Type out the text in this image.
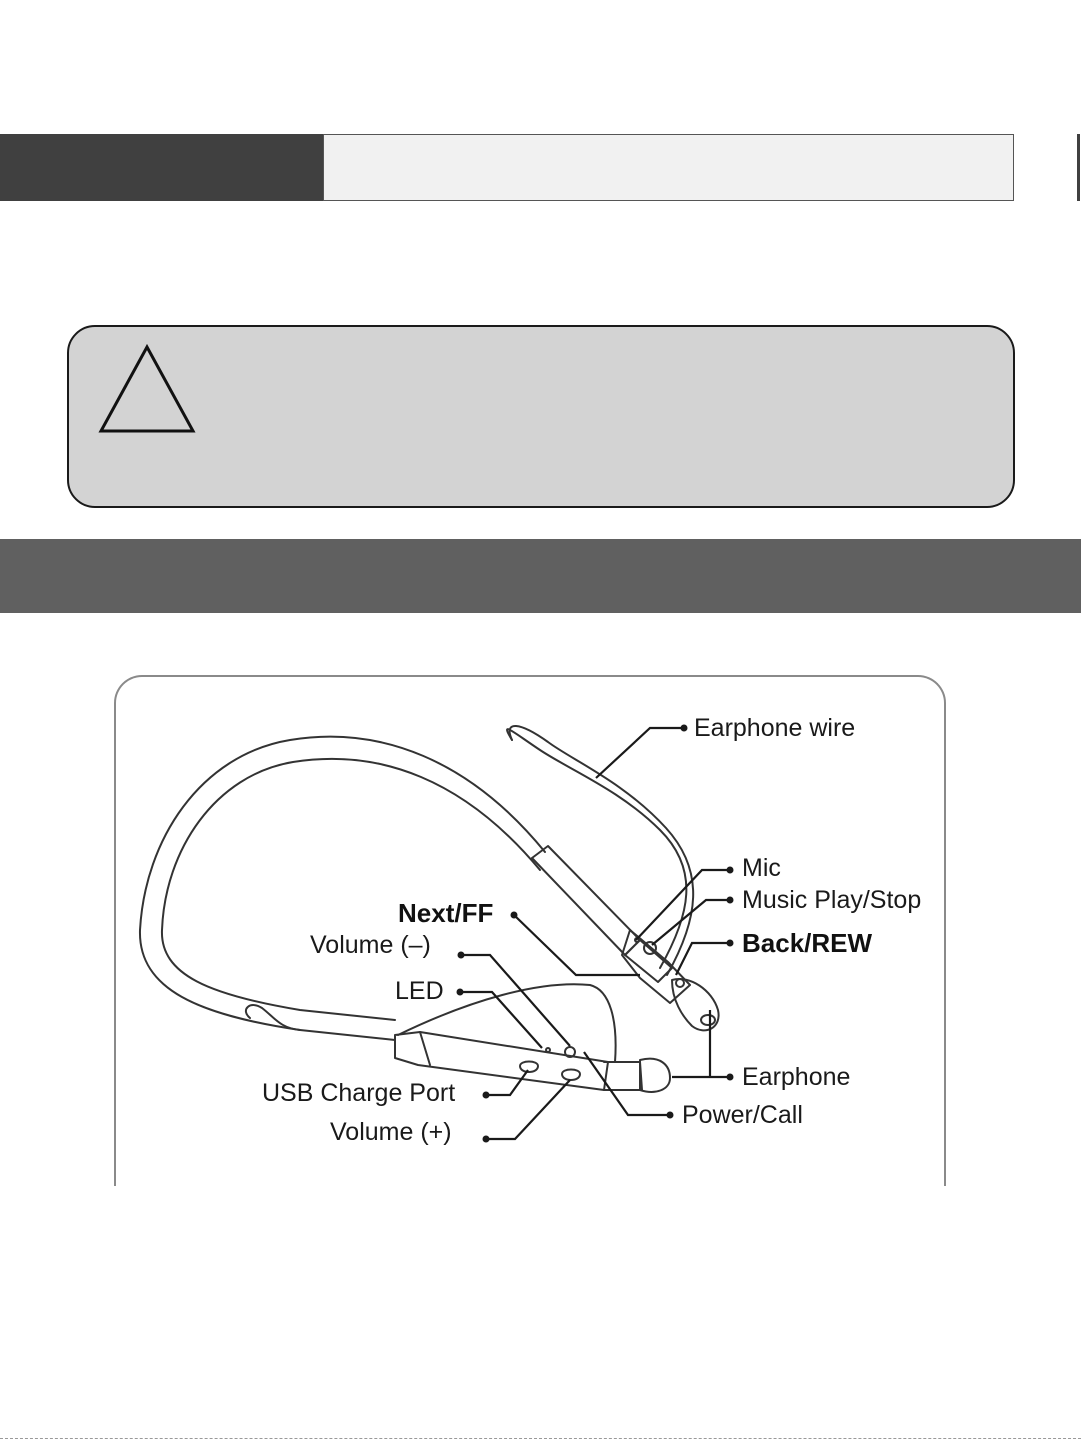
Earphone wire
Mic
Music Play/Stop
Next/FF
Back/REW
Volume (–)
LED
Earphone
USB Charge Port
Power/Call
Volume (+)
